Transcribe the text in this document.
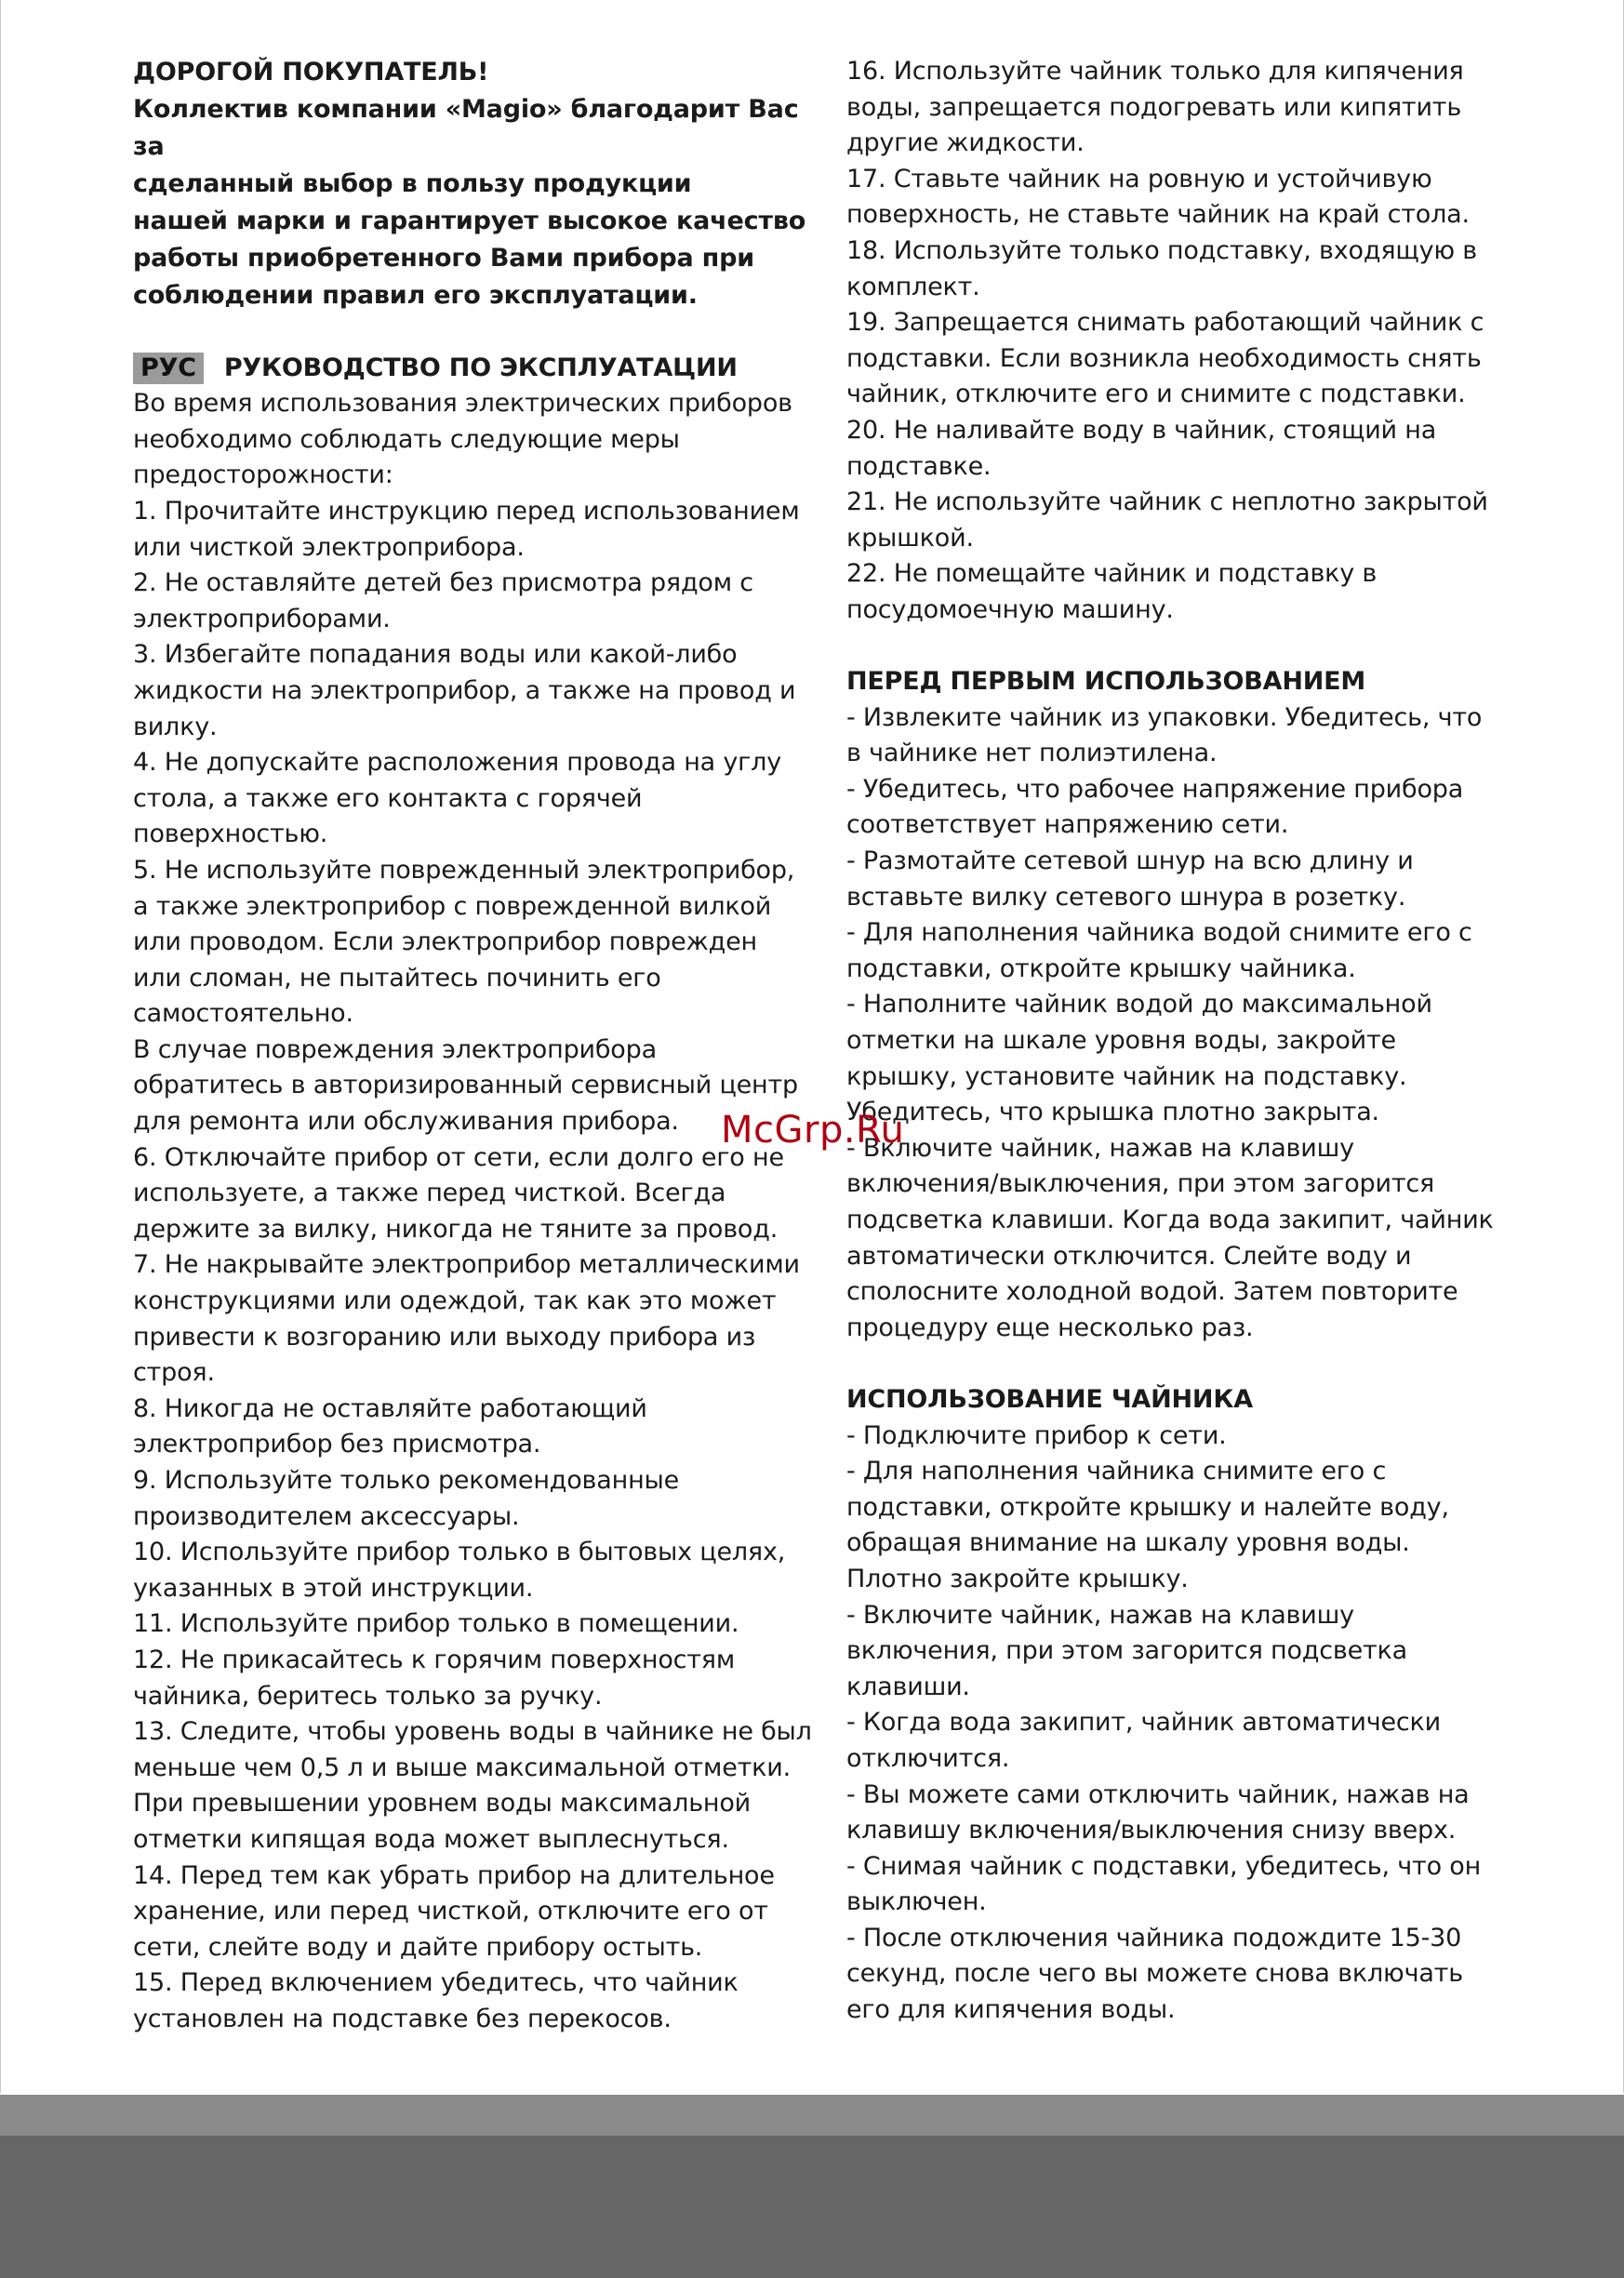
ДОРОГОЙ ПОКУПАТЕЛЬ!
Коллектив компании «Magio» благодарит Вас за
сделанный выбор в пользу продукции
нашей марки и гарантирует высокое качество
работы приобретенного Вами прибора при
соблюдении правил его эксплуатации.
РУС РУКОВОДСТВО ПО ЭКСПЛУАТАЦИИ

Во время использования электрических приборов необходимо соблюдать следующие меры предосторожности:

1. Прочитайте инструкцию перед использованием или чисткой электроприбора.

2. Не оставляйте детей без присмотра рядом с электроприборами.

3. Избегайте попадания воды или какой-либо жидкости на электроприбор, а также на провод и вилку.

4. Не допускайте расположения провода на углу стола, а также его контакта с горячей поверхностью.

5. Не используйте поврежденный электроприбор, а также электроприбор с поврежденной вилкой или проводом. Если электроприбор поврежден или сломан, не пытайтесь починить его самостоятельно.

В случае повреждения электроприбора обратитесь в авторизированный сервисный центр для ремонта или обслуживания прибора.

6. Отключайте прибор от сети, если долго его не используете, а также перед чисткой. Всегда держите за вилку, никогда не тяните за провод.

7. Не накрывайте электроприбор металлическими конструкциями или одеждой, так как это может привести к возгоранию или выходу прибора из строя.

8. Никогда не оставляйте работающий электроприбор без присмотра.

9. Используйте только рекомендованные производителем аксессуары.

10. Используйте прибор только в бытовых целях, указанных в этой инструкции.

11. Используйте прибор только в помещении.

12. Не прикасайтесь к горячим поверхностям чайника, беритесь только за ручку.

13. Следите, чтобы уровень воды в чайнике не был меньше чем 0,5 л и выше максимальной отметки. При превышении уровнем воды максимальной отметки кипящая вода может выплеснуться.

14. Перед тем как убрать прибор на длительное хранение, или перед чисткой, отключите его от сети, слейте воду и дайте прибору остыть.

15. Перед включением убедитесь, что чайник установлен на подставке без перекосов.

16. Используйте чайник только для кипячения воды, запрещается подогревать или кипятить другие жидкости.

17. Ставьте чайник на ровную и устойчивую поверхность, не ставьте чайник на край стола.

18. Используйте только подставку, входящую в комплект.

19. Запрещается снимать работающий чайник с подставки. Если возникла необходимость снять чайник, отключите его и снимите с подставки.

20. Не наливайте воду в чайник, стоящий на подставке.

21. Не используйте чайник с неплотно закрытой крышкой.

22. Не помещайте чайник и подставку в посудомоечную машину.

ПЕРЕД ПЕРВЫМ ИСПОЛЬЗОВАНИЕМ

- Извлеките чайник из упаковки. Убедитесь, что в чайнике нет полиэтилена.

- Убедитесь, что рабочее напряжение прибора соответствует напряжению сети.

- Размотайте сетевой шнур на всю длину и вставьте вилку сетевого шнура в розетку.

- Для наполнения чайника водой снимите его с подставки, откройте крышку чайника.

- Наполните чайник водой до максимальной отметки на шкале уровня воды, закройте крышку, установите чайник на подставку. Убедитесь, что крышка плотно закрыта.

- Включите чайник, нажав на клавишу включения/выключения, при этом загорится подсветка клавиши. Когда вода закипит, чайник автоматически отключится. Слейте воду и сполосните холодной водой. Затем повторите процедуру еще несколько раз.

ИСПОЛЬЗОВАНИЕ ЧАЙНИКА

- Подключите прибор к сети.

- Для наполнения чайника снимите его с подставки, откройте крышку и налейте воду, обращая внимание на шкалу уровня воды. Плотно закройте крышку.

- Включите чайник, нажав на клавишу включения, при этом загорится подсветка клавиши.

- Когда вода закипит, чайник автоматически отключится.

- Вы можете сами отключить чайник, нажав на клавишу включения/выключения снизу вверх.

- Снимая чайник с подставки, убедитесь, что он выключен.

- После отключения чайника подождите 15-30 секунд, после чего вы можете снова включать его для кипячения воды.

McGrp.Ru
